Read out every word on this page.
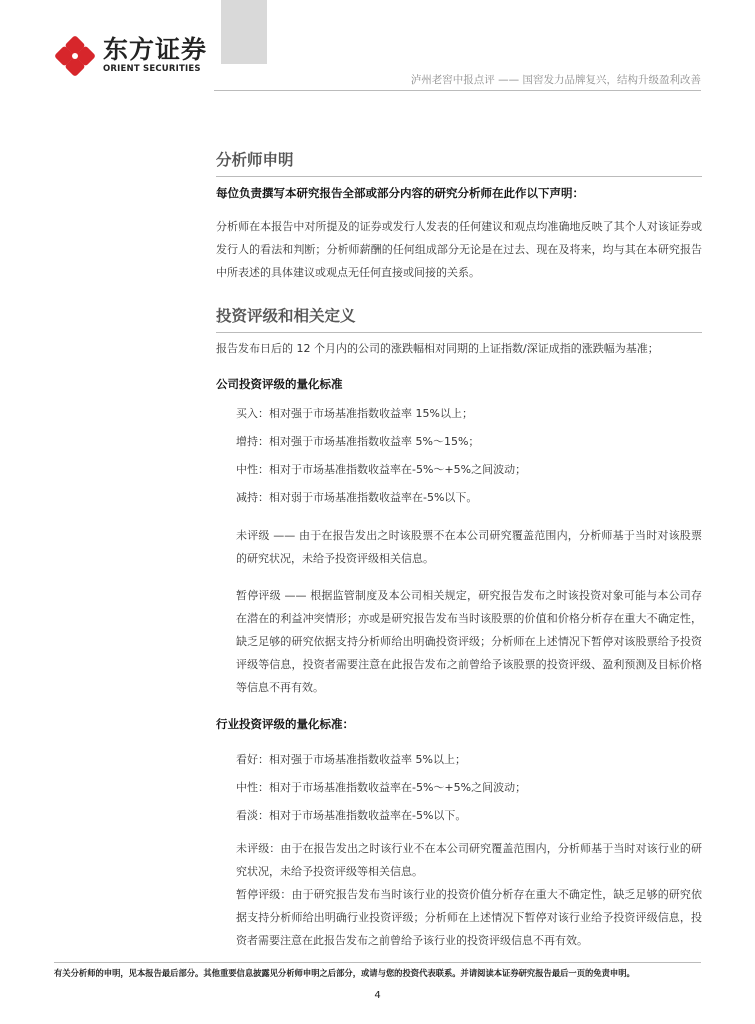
东方证券
ORIENT SECURITIES
泸州老窖中报点评 —— 国窖发力品牌复兴，结构升级盈利改善
分析师申明
每位负责撰写本研究报告全部或部分内容的研究分析师在此作以下声明：
分析师在本报告中对所提及的证券或发行人发表的任何建议和观点均准确地反映了其个人对该证券或发行人的看法和判断；分析师薪酬的任何组成部分无论是在过去、现在及将来，均与其在本研究报告中所表述的具体建议或观点无任何直接或间接的关系。
投资评级和相关定义
报告发布日后的 12 个月内的公司的涨跌幅相对同期的上证指数/深证成指的涨跌幅为基准；
公司投资评级的量化标准
买入：相对强于市场基准指数收益率 15%以上；
增持：相对强于市场基准指数收益率 5%～15%；
中性：相对于市场基准指数收益率在-5%～+5%之间波动；
减持：相对弱于市场基准指数收益率在-5%以下。
未评级 —— 由于在报告发出之时该股票不在本公司研究覆盖范围内，分析师基于当时对该股票的研究状况，未给予投资评级相关信息。
暂停评级 —— 根据监管制度及本公司相关规定，研究报告发布之时该投资对象可能与本公司存在潜在的利益冲突情形；亦或是研究报告发布当时该股票的价值和价格分析存在重大不确定性，缺乏足够的研究依据支持分析师给出明确投资评级；分析师在上述情况下暂停对该股票给予投资评级等信息，投资者需要注意在此报告发布之前曾给予该股票的投资评级、盈利预测及目标价格等信息不再有效。
行业投资评级的量化标准：
看好：相对强于市场基准指数收益率 5%以上；
中性：相对于市场基准指数收益率在-5%～+5%之间波动；
看淡：相对于市场基准指数收益率在-5%以下。
未评级：由于在报告发出之时该行业不在本公司研究覆盖范围内，分析师基于当时对该行业的研究状况，未给予投资评级等相关信息。
暂停评级：由于研究报告发布当时该行业的投资价值分析存在重大不确定性，缺乏足够的研究依据支持分析师给出明确行业投资评级；分析师在上述情况下暂停对该行业给予投资评级信息，投资者需要注意在此报告发布之前曾给予该行业的投资评级信息不再有效。
有关分析师的申明，见本报告最后部分。其他重要信息披露见分析师申明之后部分，或请与您的投资代表联系。并请阅读本证券研究报告最后一页的免责申明。
4
